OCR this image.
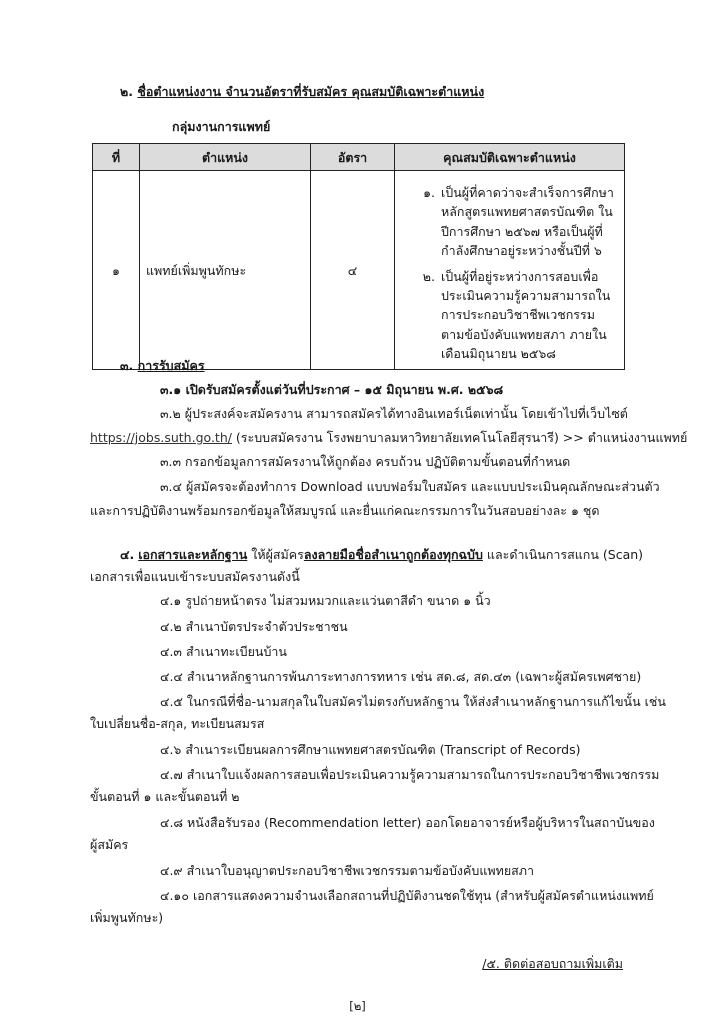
๒. ชื่อตำแหน่งงาน จำนวนอัตราที่รับสมัคร คุณสมบัติเฉพาะตำแหน่ง
กลุ่มงานการแพทย์
ที่	ตำแหน่ง	อัตรา	คุณสมบัติเฉพาะตำแหน่ง
๑	แพทย์เพิ่มพูนทักษะ	๔	๑. เป็นผู้ที่คาดว่าจะสำเร็จการศึกษา หลักสูตรแพทยศาสตรบัณฑิต ในปีการศึกษา ๒๕๖๗ หรือเป็นผู้ที่กำลังศึกษาอยู่ระหว่างชั้นปีที่ ๖
๒. เป็นผู้ที่อยู่ระหว่างการสอบเพื่อประเมินความรู้ความสามารถในการประกอบวิชาชีพเวชกรรมตามข้อบังคับแพทยสภา ภายในเดือนมิถุนายน ๒๕๖๘
๓. การรับสมัคร
๓.๑ เปิดรับสมัครตั้งแต่วันที่ประกาศ – ๑๕ มิถุนายน พ.ศ. ๒๕๖๘
๓.๒ ผู้ประสงค์จะสมัครงาน สามารถสมัครได้ทางอินเทอร์เน็ตเท่านั้น โดยเข้าไปที่เว็บไซต์
https://jobs.suth.go.th/ (ระบบสมัครงาน โรงพยาบาลมหาวิทยาลัยเทคโนโลยีสุรนารี) >> ตำแหน่งงานแพทย์
๓.๓ กรอกข้อมูลการสมัครงานให้ถูกต้อง ครบถ้วน ปฏิบัติตามขั้นตอนที่กำหนด
๓.๔ ผู้สมัครจะต้องทำการ Download แบบฟอร์มใบสมัคร และแบบประเมินคุณลักษณะส่วนตัว
และการปฏิบัติงานพร้อมกรอกข้อมูลให้สมบูรณ์ และยื่นแก่คณะกรรมการในวันสอบอย่างละ ๑ ชุด
๔. เอกสารและหลักฐาน ให้ผู้สมัครลงลายมือชื่อสำเนาถูกต้องทุกฉบับ และดำเนินการสแกน (Scan)
เอกสารเพื่อแนบเข้าระบบสมัครงานดังนี้
๔.๑ รูปถ่ายหน้าตรง ไม่สวมหมวกและแว่นตาสีดำ ขนาด ๑ นิ้ว
๔.๒ สำเนาบัตรประจำตัวประชาชน
๔.๓ สำเนาทะเบียนบ้าน
๔.๔ สำเนาหลักฐานการพ้นภาระทางการทหาร เช่น สด.๘, สด.๔๓ (เฉพาะผู้สมัครเพศชาย)
๔.๕ ในกรณีที่ชื่อ-นามสกุลในใบสมัครไม่ตรงกับหลักฐาน ให้ส่งสำเนาหลักฐานการแก้ไขนั้น เช่น
ใบเปลี่ยนชื่อ-สกุล, ทะเบียนสมรส
๔.๖ สำเนาระเบียนผลการศึกษาแพทยศาสตรบัณฑิต (Transcript of Records)
๔.๗ สำเนาใบแจ้งผลการสอบเพื่อประเมินความรู้ความสามารถในการประกอบวิชาชีพเวชกรรม
ขั้นตอนที่ ๑ และขั้นตอนที่ ๒
๔.๘ หนังสือรับรอง (Recommendation letter) ออกโดยอาจารย์หรือผู้บริหารในสถาบันของ
ผู้สมัคร
๔.๙ สำเนาใบอนุญาตประกอบวิชาชีพเวชกรรมตามข้อบังคับแพทยสภา
๔.๑๐ เอกสารแสดงความจำนงเลือกสถานที่ปฏิบัติงานชดใช้ทุน (สำหรับผู้สมัครตำแหน่งแพทย์
เพิ่มพูนทักษะ)
/๕. ติดต่อสอบถามเพิ่มเติม
[๒]
